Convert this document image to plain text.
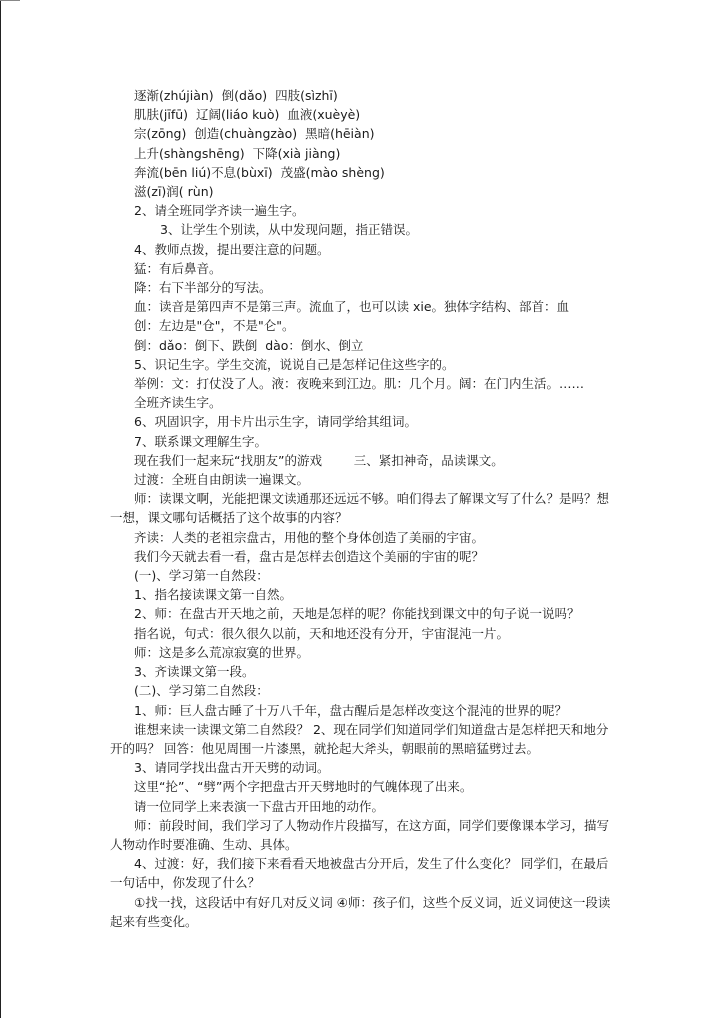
逐渐(zhújiàn)  倒(dǎo)  四肢(sìzhī)

肌肤(jīfū)  辽阔(liáo kuò)  血液(xuèyè)

宗(zōng)  创造(chuàngzào)  黑暗(hēiàn)

上升(shàngshēng)  下降(xià jiàng)

奔流(bēn liú)不息(bùxī)  茂盛(mào shèng)

滋(zī)润( rùn)

2、请全班同学齐读一遍生字。

3、让学生个别读，从中发现问题，指正错误。

4、教师点拨，提出要注意的问题。

猛：有后鼻音。

降：右下半部分的写法。

血：读音是第四声不是第三声。流血了，也可以读 xie。独体字结构、部首：血

创：左边是"仓"，不是"仑"。

倒：dǎo：倒下、跌倒  dào：倒水、倒立

5、识记生字。学生交流，说说自己是怎样记住这些字的。

举例：文：打仗没了人。液：夜晚来到江边。肌：几个月。阔：在门内生活。……

全班齐读生字。

6、巩固识字，用卡片出示生字，请同学给其组词。

7、联系课文理解生字。

现在我们一起来玩“找朋友”的游戏        三、紧扣神奇，品读课文。

过渡：全班自由朗读一遍课文。

师：读课文啊，光能把课文读通那还远远不够。咱们得去了解课文写了什么？是吗？想一想，课文哪句话概括了这个故事的内容？

齐读：人类的老祖宗盘古，用他的整个身体创造了美丽的宇宙。

我们今天就去看一看，盘古是怎样去创造这个美丽的宇宙的呢？

(一)、学习第一自然段：

1、指名接读课文第一自然。

2、师：在盘古开天地之前，天地是怎样的呢？你能找到课文中的句子说一说吗？

指名说，句式：很久很久以前，天和地还没有分开，宇宙混沌一片。

师：这是多么荒凉寂寞的世界。

3、齐读课文第一段。

(二)、学习第二自然段：

1、师：巨人盘古睡了十万八千年，盘古醒后是怎样改变这个混沌的世界的呢？

谁想来读一读课文第二自然段？ 2、现在同学们知道同学们知道盘古是怎样把天和地分开的吗？ 回答：他见周围一片漆黑，就抡起大斧头，朝眼前的黑暗猛劈过去。

3、请同学找出盘古开天劈的动词。

这里“抡”、“劈”两个字把盘古开天劈地时的气魄体现了出来。

请一位同学上来表演一下盘古开田地的动作。

师：前段时间，我们学习了人物动作片段描写，在这方面，同学们要像课本学习，描写人物动作时要准确、生动、具体。

4、过渡：好，我们接下来看看天地被盘古分开后，发生了什么变化？ 同学们，在最后一句话中，你发现了什么？

①找一找，这段话中有好几对反义词 ④师：孩子们，这些个反义词，近义词使这一段读起来有些变化。
